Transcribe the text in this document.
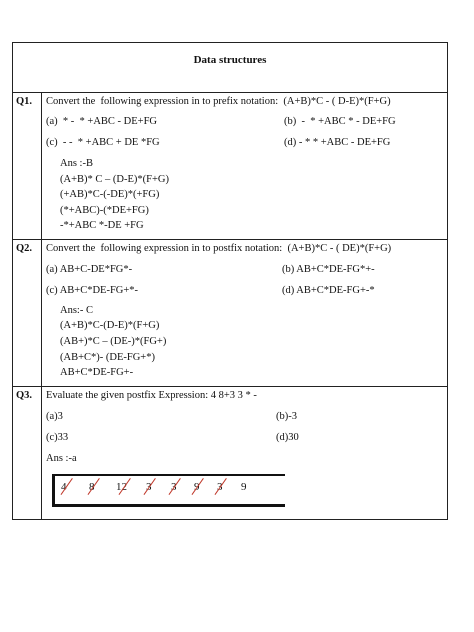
Data structures
Q1. Convert the  following expression in to prefix notation:  (A+B)*C - ( D-E)*(F+G)
(a)  * -  * +ABC - DE+FG	(b)  -  * +ABC * - DE+FG
(c)  - -  * +ABC + DE *FG	(d) - * * +ABC - DE+FG
Ans :-B
(A+B)* C – (D-E)*(F+G)
(+AB)*C-(-DE)*(+FG)
(*+ABC)-(*DE+FG)
-*+ABC *-DE +FG
Q2. Convert the  following expression in to postfix notation:  (A+B)*C - ( DE)*(F+G)
(a) AB+C-DE*FG*-	(b) AB+C*DE-FG*+-
(c) AB+C*DE-FG+*-	(d) AB+C*DE-FG+-*
Ans:- C
(A+B)*C-(D-E)*(F+G)
(AB+)*C – (DE-)*(FG+)
(AB+C*)- (DE-FG+*)
AB+C*DE-FG+-
Q3. Evaluate the given postfix Expression: 4 8+3 3 * -
(a)3	(b)-3
(c)33	(d)30
Ans :-a
4 8 12 3 3 9 3 9
